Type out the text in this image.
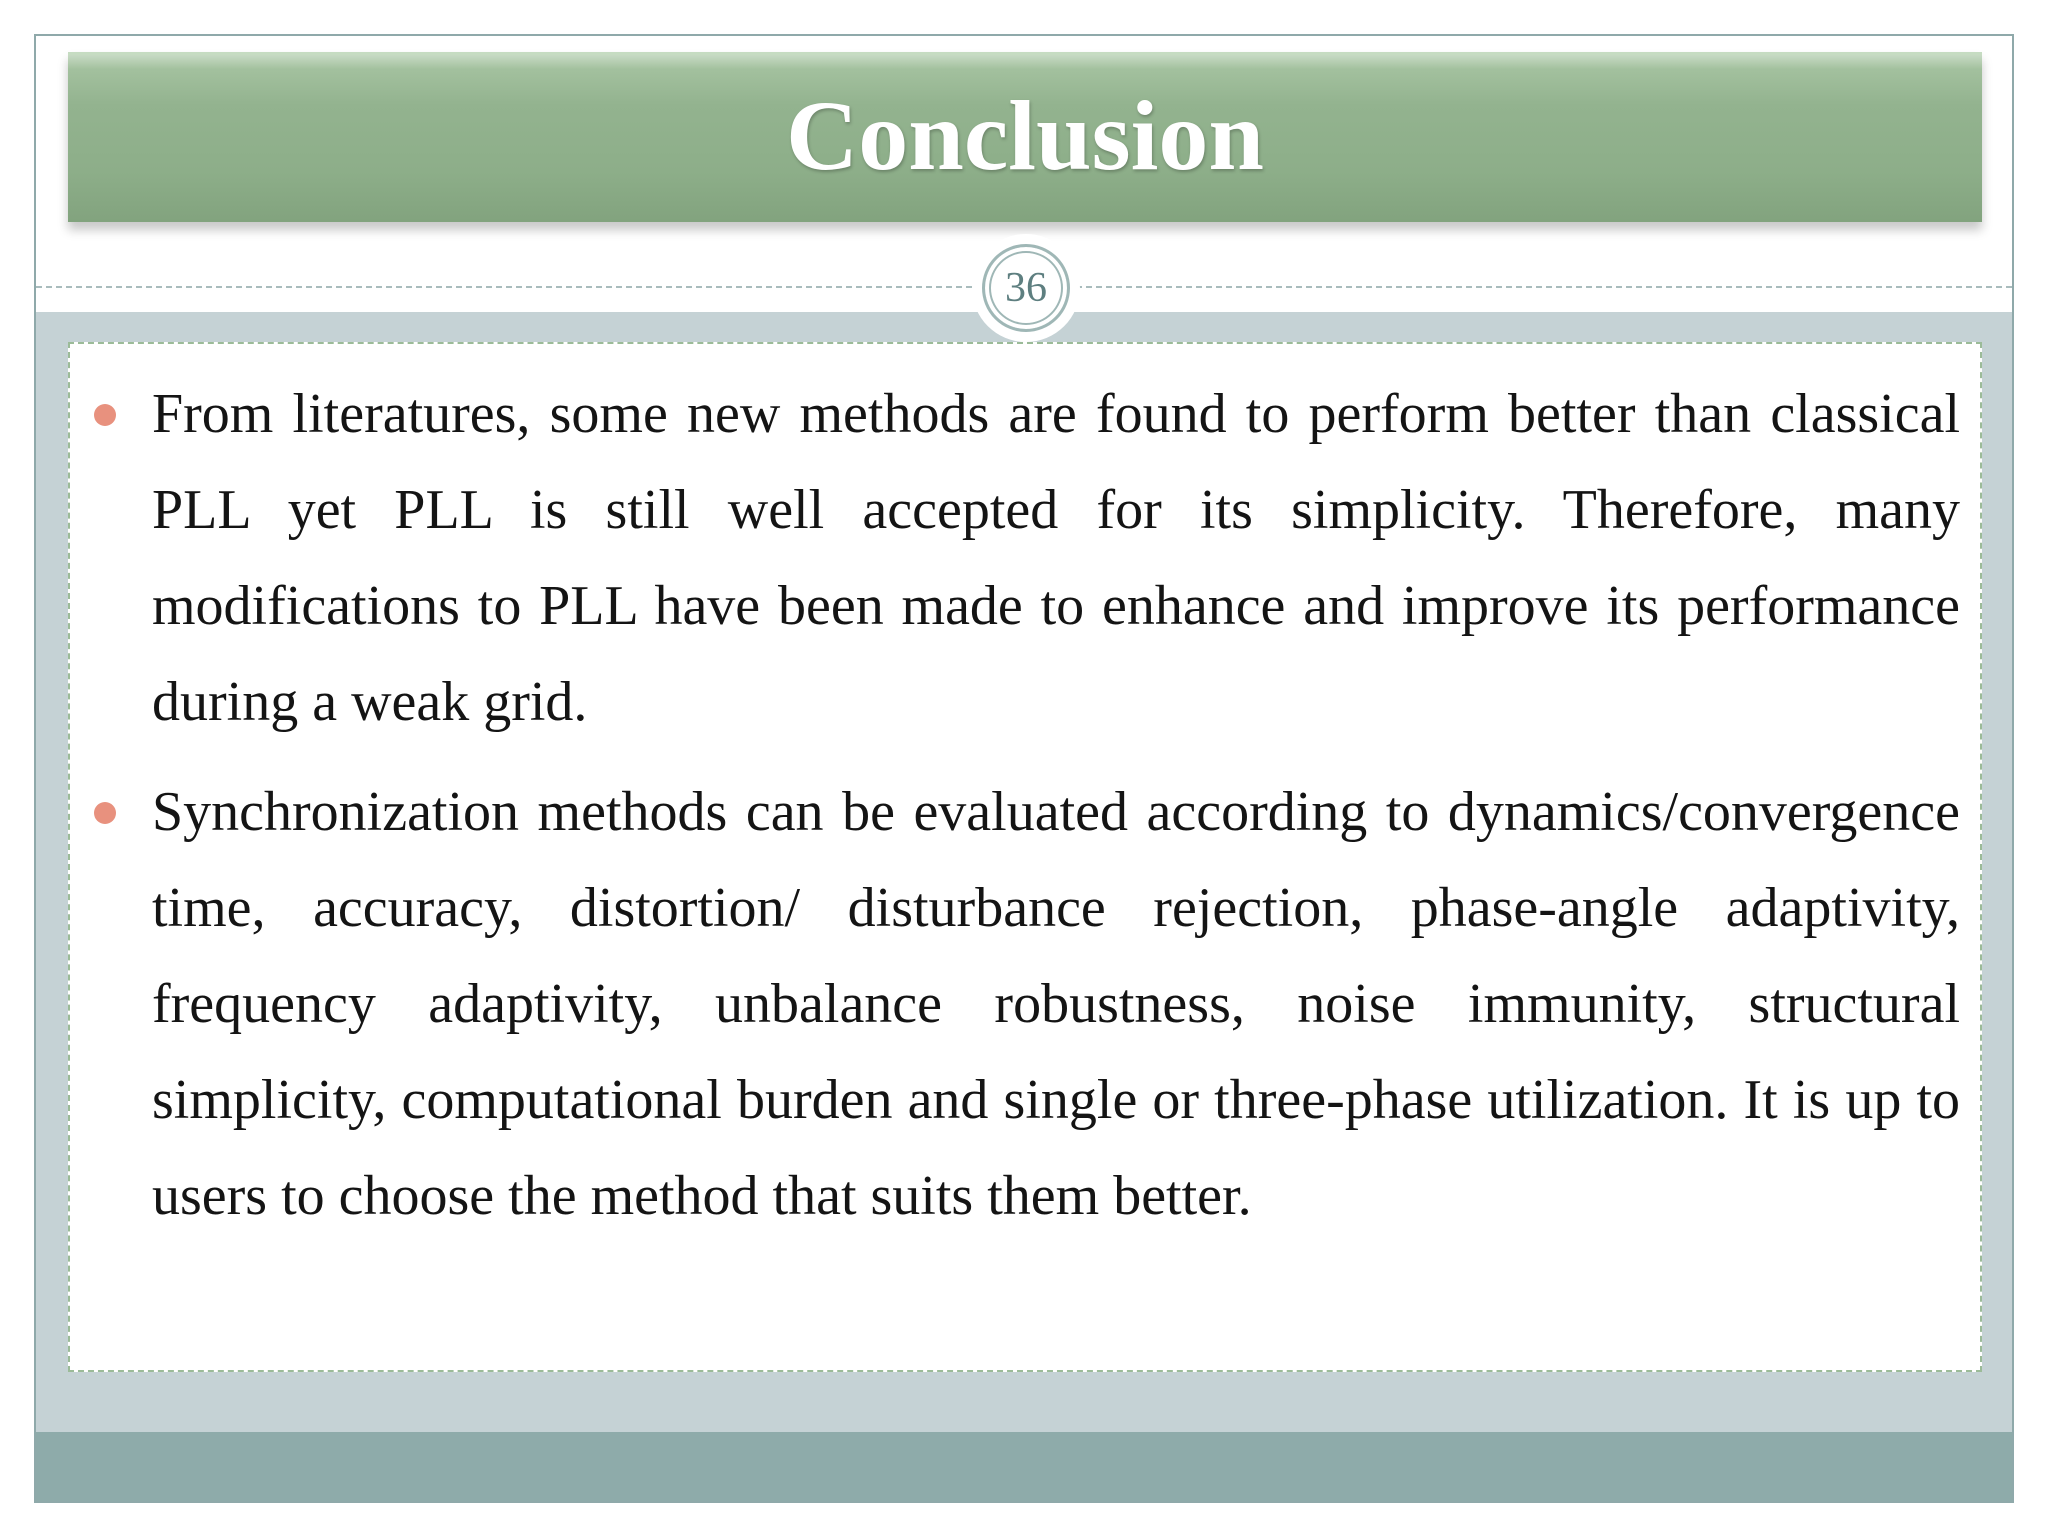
Conclusion
36
From literatures, some new methods are found to perform better than classical PLL yet PLL is still well accepted for its simplicity. Therefore, many modifications to PLL have been made to enhance and improve its performance during a weak grid.
Synchronization methods can be evaluated according to dynamics/convergence time, accuracy, distortion/ disturbance rejection, phase-angle adaptivity, frequency adaptivity, unbalance robustness, noise immunity, structural simplicity, computational burden and single or three-phase utilization. It is up to users to choose the method that suits them better.
